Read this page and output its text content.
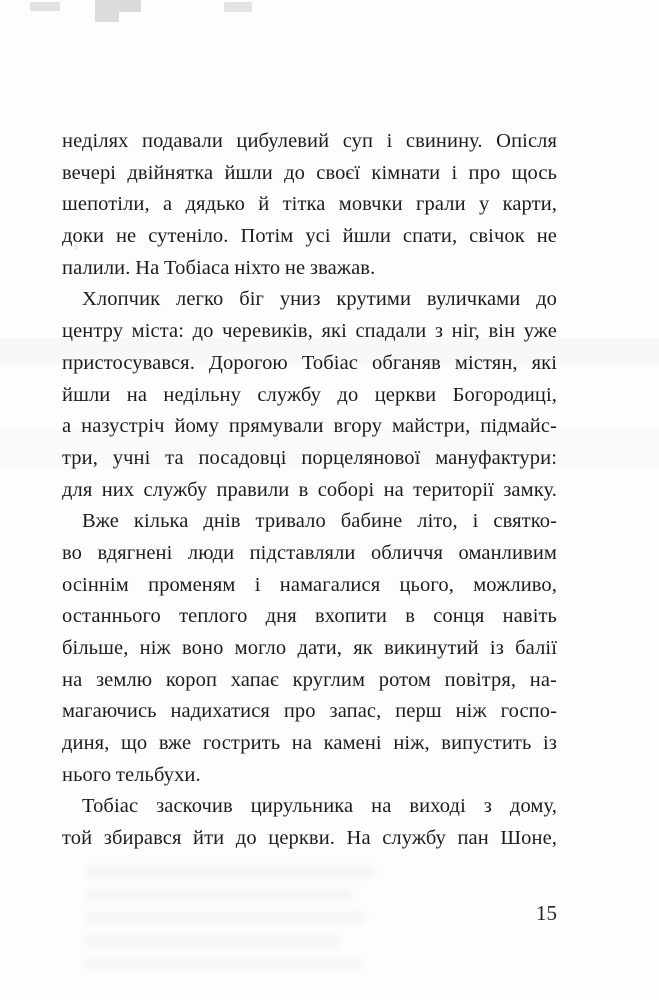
неділях подавали цибулевий суп і свинину. Опісля
вечері двійнятка йшли до своєї кімнати і про щось
шепотіли, а дядько й тітка мовчки грали у карти,
доки не сутеніло. Потім усі йшли спати, свічок не
палили. На Тобіаса ніхто не зважав.
Хлопчик легко біг униз крутими вуличками до
центру міста: до черевиків, які спадали з ніг, він уже
пристосувався. Дорогою Тобіас обганяв містян, які
йшли на недільну службу до церкви Богородиці,
а назустріч йому прямували вгору майстри, підмайс-
три, учні та посадовці порцелянової мануфактури:
для них службу правили в соборі на території замку.
Вже кілька днів тривало бабине літо, і святко-
во вдягнені люди підставляли обличчя оманливим
осіннім променям і намагалися цього, можливо,
останнього теплого дня вхопити в сонця навіть
більше, ніж воно могло дати, як викинутий із балії
на землю короп хапає круглим ротом повітря, на-
магаючись надихатися про запас, перш ніж госпо-
диня, що вже гострить на камені ніж, випустить із
нього тельбухи.
Тобіас заскочив цирульника на виході з дому,
той збирався йти до церкви. На службу пан Шоне,
15
